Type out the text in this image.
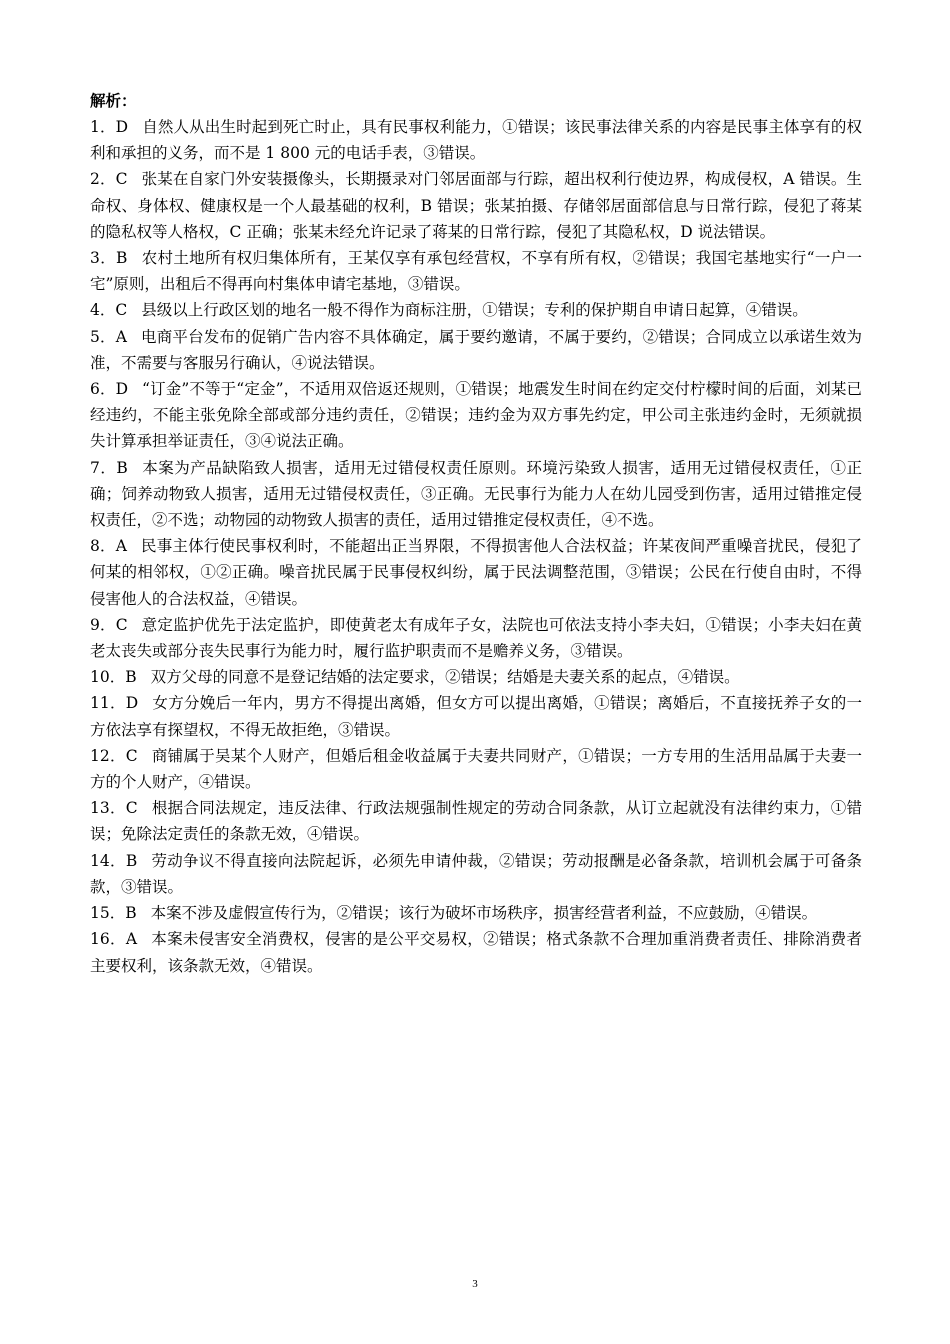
解析：

1．D 自然人从出生时起到死亡时止，具有民事权利能力，①错误；该民事法律关系的内容是民事主体享有的权利和承担的义务，而不是 1 800 元的电话手表，③错误。

2．C 张某在自家门外安装摄像头，长期摄录对门邻居面部与行踪，超出权利行使边界，构成侵权，A 错误。生命权、身体权、健康权是一个人最基础的权利，B 错误；张某拍摄、存储邻居面部信息与日常行踪，侵犯了蒋某的隐私权等人格权，C 正确；张某未经允许记录了蒋某的日常行踪，侵犯了其隐私权，D 说法错误。

3．B 农村土地所有权归集体所有，王某仅享有承包经营权，不享有所有权，②错误；我国宅基地实行“一户一宅”原则，出租后不得再向村集体申请宅基地，③错误。

4．C 县级以上行政区划的地名一般不得作为商标注册，①错误；专利的保护期自申请日起算，④错误。

5．A 电商平台发布的促销广告内容不具体确定，属于要约邀请，不属于要约，②错误；合同成立以承诺生效为准，不需要与客服另行确认，④说法错误。

6．D “订金”不等于“定金”，不适用双倍返还规则，①错误；地震发生时间在约定交付柠檬时间的后面，刘某已经违约，不能主张免除全部或部分违约责任，②错误；违约金为双方事先约定，甲公司主张违约金时，无须就损失计算承担举证责任，③④说法正确。

7．B 本案为产品缺陷致人损害，适用无过错侵权责任原则。环境污染致人损害，适用无过错侵权责任，①正确；饲养动物致人损害，适用无过错侵权责任，③正确。无民事行为能力人在幼儿园受到伤害，适用过错推定侵权责任，②不选；动物园的动物致人损害的责任，适用过错推定侵权责任，④不选。

8．A 民事主体行使民事权利时，不能超出正当界限，不得损害他人合法权益；许某夜间严重噪音扰民，侵犯了何某的相邻权，①②正确。噪音扰民属于民事侵权纠纷，属于民法调整范围，③错误；公民在行使自由时，不得侵害他人的合法权益，④错误。

9．C 意定监护优先于法定监护，即使黄老太有成年子女，法院也可依法支持小李夫妇，①错误；小李夫妇在黄老太丧失或部分丧失民事行为能力时，履行监护职责而不是赡养义务，③错误。

10．B 双方父母的同意不是登记结婚的法定要求，②错误；结婚是夫妻关系的起点，④错误。

11．D 女方分娩后一年内，男方不得提出离婚，但女方可以提出离婚，①错误；离婚后，不直接抚养子女的一方依法享有探望权，不得无故拒绝，③错误。

12．C 商铺属于吴某个人财产，但婚后租金收益属于夫妻共同财产，①错误；一方专用的生活用品属于夫妻一方的个人财产，④错误。

13．C 根据合同法规定，违反法律、行政法规强制性规定的劳动合同条款，从订立起就没有法律约束力，①错误；免除法定责任的条款无效，④错误。

14．B 劳动争议不得直接向法院起诉，必须先申请仲裁，②错误；劳动报酬是必备条款，培训机会属于可备条款，③错误。

15．B 本案不涉及虚假宣传行为，②错误；该行为破坏市场秩序，损害经营者利益，不应鼓励，④错误。

16．A 本案未侵害安全消费权，侵害的是公平交易权，②错误；格式条款不合理加重消费者责任、排除消费者主要权利，该条款无效，④错误。

3
